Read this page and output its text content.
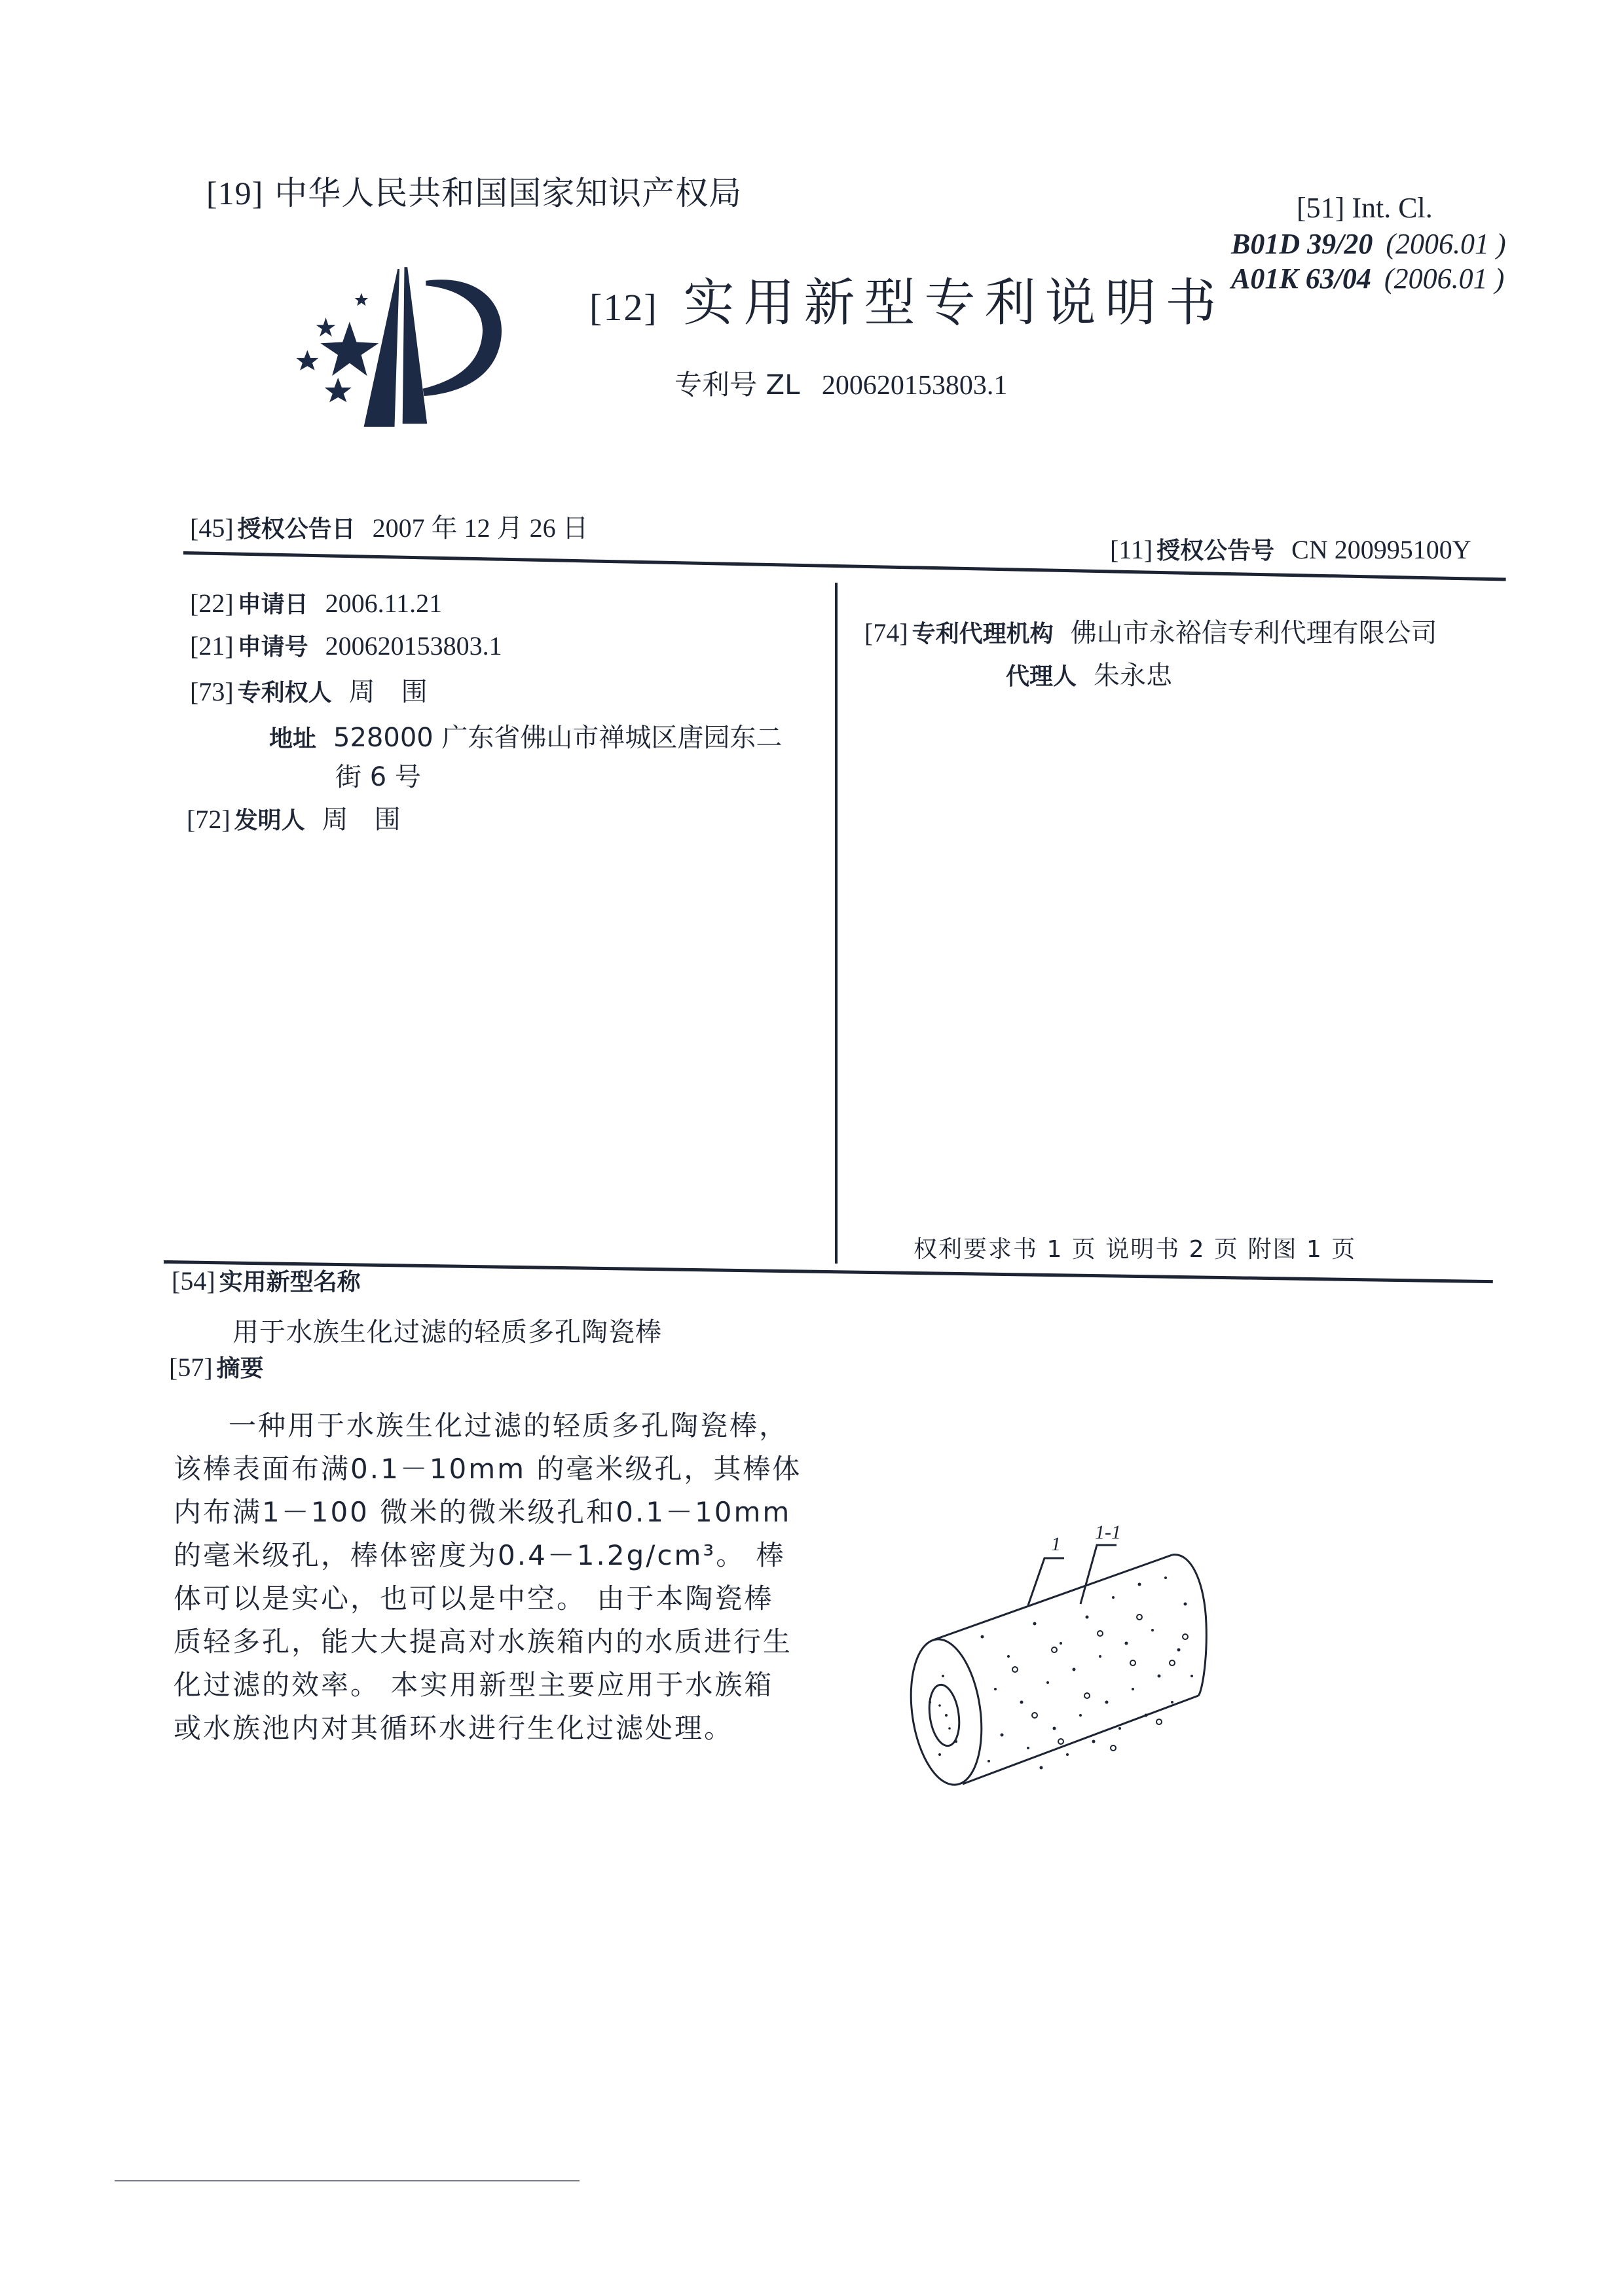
[19] 中华人民共和国国家知识产权局
[12] 实用新型专利说明书
专利号 ZL 200620153803.1
[51] Int. Cl.
B01D 39/20 (2006.01 )
A01K 63/04 (2006.01 )
[45] 授权公告日 2007 年 12 月 26 日
[11] 授权公告号 CN 200995100Y
[22] 申请日 2006.11.21
[21] 申请号 200620153803.1
[73] 专利权人 周　围
地址 528000 广东省佛山市禅城区唐园东二
街 6 号
[72] 发明人 周　围
[74] 专利代理机构 佛山市永裕信专利代理有限公司
代理人 朱永忠
权利要求书 1 页 说明书 2 页 附图 1 页
[54] 实用新型名称
用于水族生化过滤的轻质多孔陶瓷棒
[57] 摘要
一种用于水族生化过滤的轻质多孔陶瓷棒，该棒表面布满0.1－10mm 的毫米级孔，其棒体内布满1－100 微米的微米级孔和0.1－10mm 的毫米级孔，棒体密度为0.4－1.2g/cm³。 棒体可以是实心，也可以是中空。 由于本陶瓷棒质轻多孔，能大大提高对水族箱内的水质进行生化过滤的效率。 本实用新型主要应用于水族箱或水族池内对其循环水进行生化过滤处理。
1
1-1
